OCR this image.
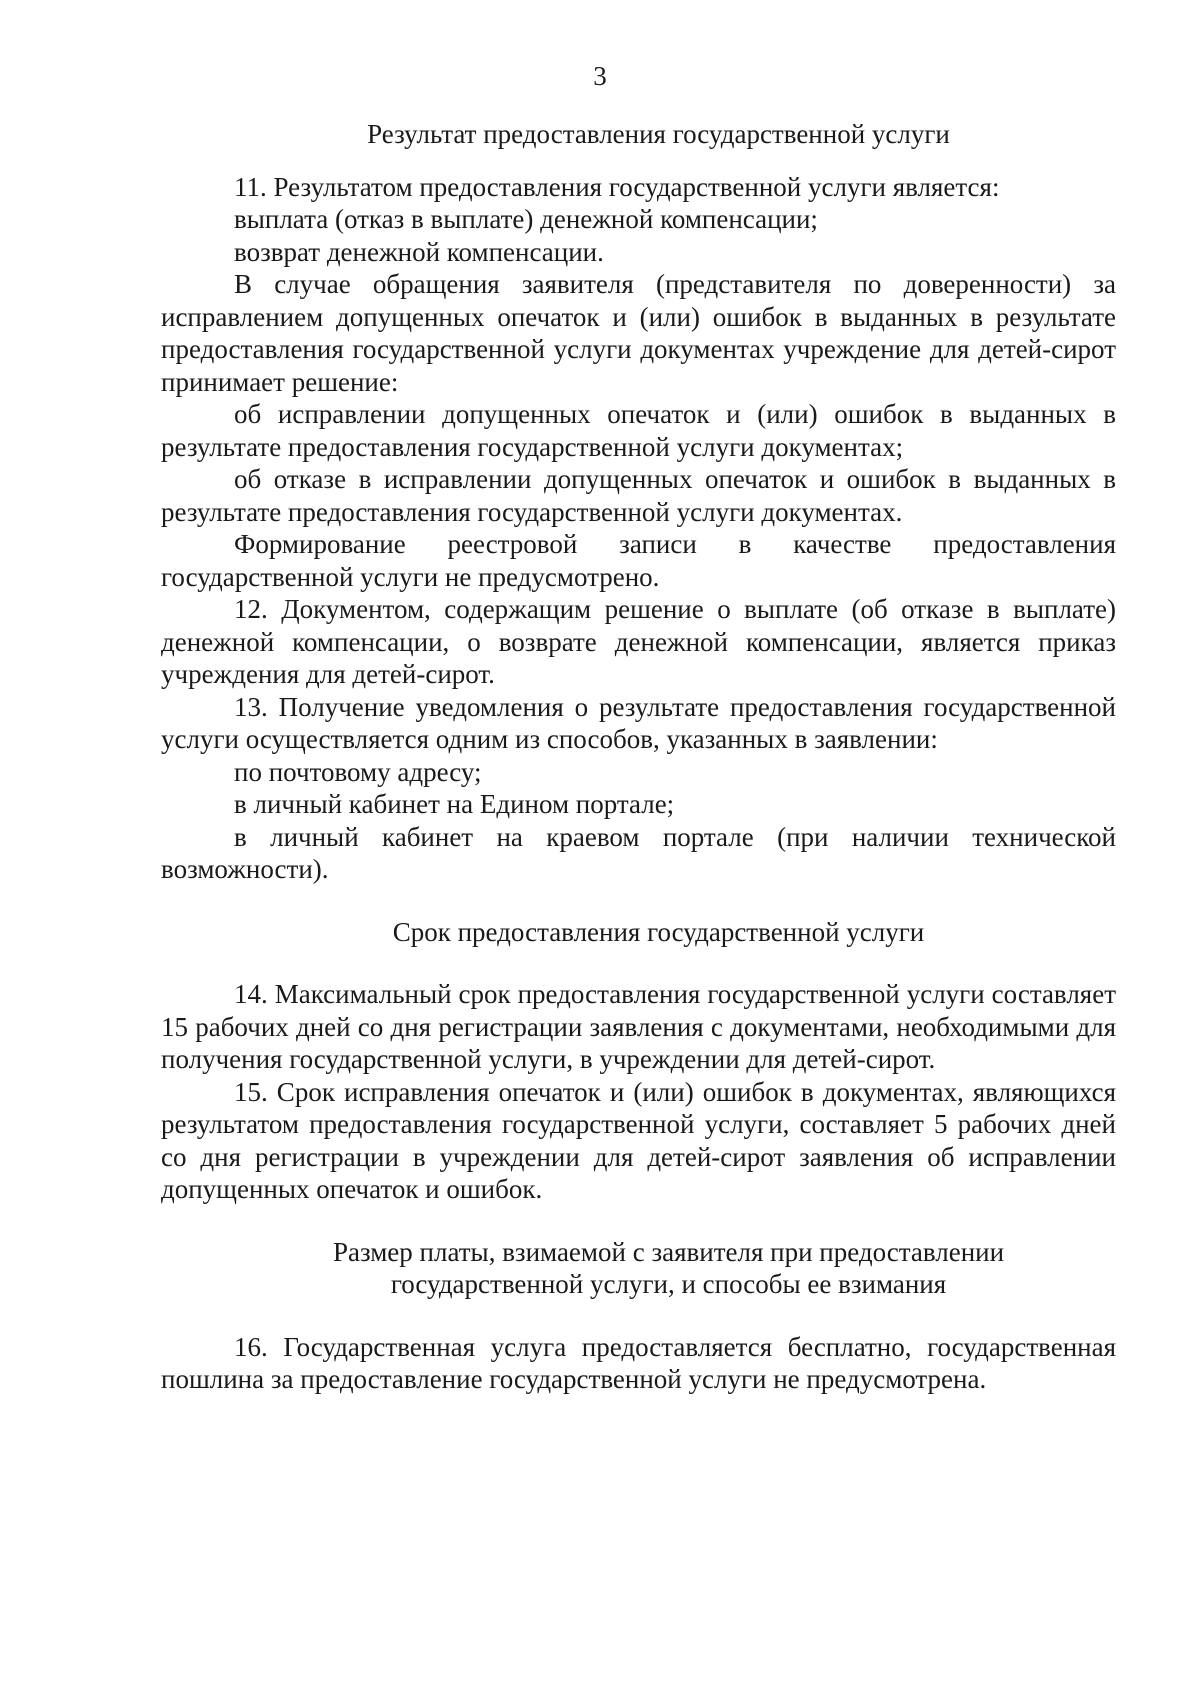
3
Результат предоставления государственной услуги

11. Результатом предоставления государственной услуги является:

выплата (отказ в выплате) денежной компенсации;

возврат денежной компенсации.

В случае обращения заявителя (представителя по доверенности) за исправлением допущенных опечаток и (или) ошибок в выданных в результате предоставления государственной услуги документах учреждение для детей-сирот принимает решение:

об исправлении допущенных опечаток и (или) ошибок в выданных в результате предоставления государственной услуги документах;

об отказе в исправлении допущенных опечаток и ошибок в выданных в результате предоставления государственной услуги документах.

Формирование реестровой записи в качестве предоставления государственной услуги не предусмотрено.

12. Документом, содержащим решение о выплате (об отказе в выплате) денежной компенсации, о возврате денежной компенсации, является приказ учреждения для детей-сирот.

13. Получение уведомления о результате предоставления государственной услуги осуществляется одним из способов, указанных в заявлении:

по почтовому адресу;

в личный кабинет на Едином портале;

в личный кабинет на краевом портале (при наличии технической возможности).

Срок предоставления государственной услуги

14. Максимальный срок предоставления государственной услуги составляет 15 рабочих дней со дня регистрации заявления с документами, необходимыми для получения государственной услуги, в учреждении для детей-сирот.

15. Срок исправления опечаток и (или) ошибок в документах, являющихся результатом предоставления государственной услуги, составляет 5 рабочих дней со дня регистрации в учреждении для детей-сирот заявления об исправлении допущенных опечаток и ошибок.

Размер платы, взимаемой с заявителя при предоставлении
государственной услуги, и способы ее взимания

16. Государственная услуга предоставляется бесплатно, государственная пошлина за предоставление государственной услуги не предусмотрена.
